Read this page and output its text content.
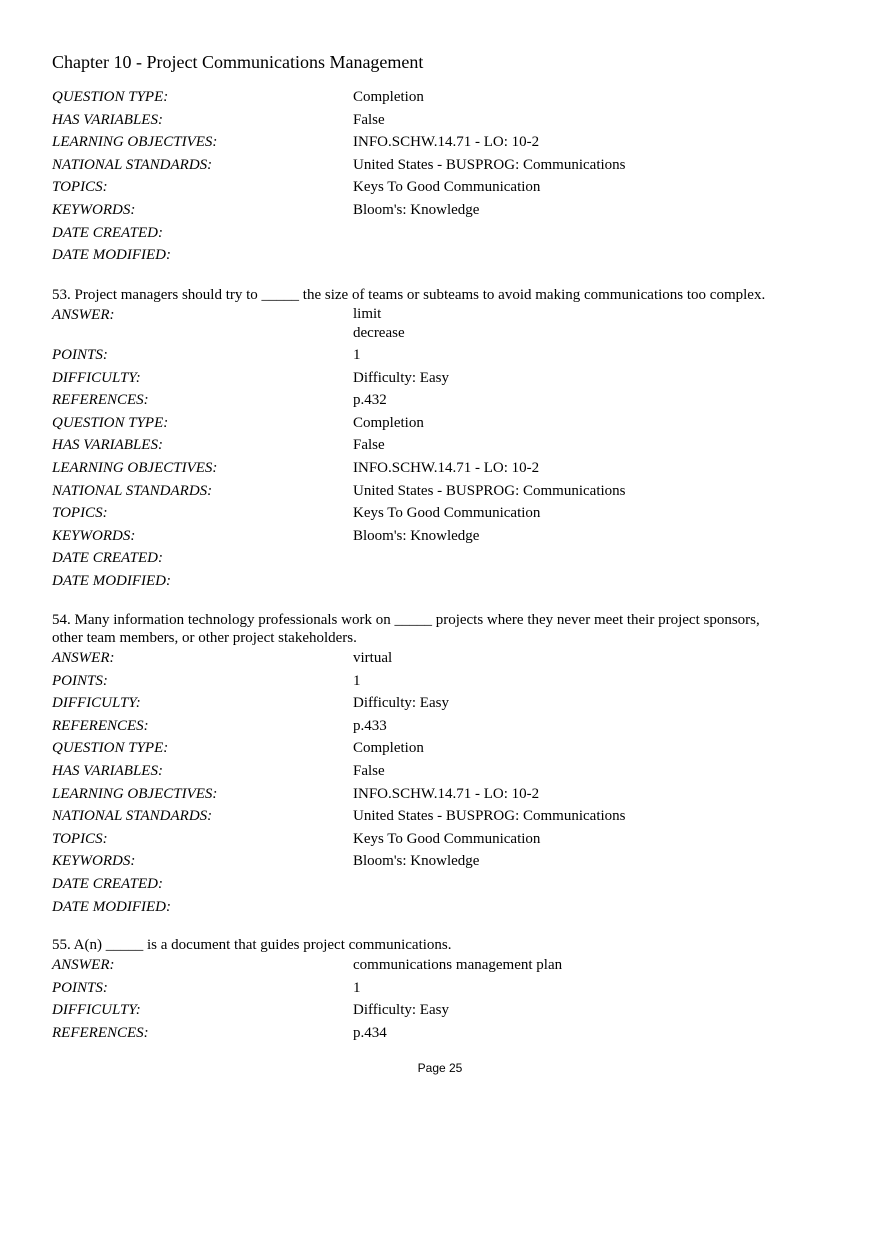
Chapter 10 - Project Communications Management
QUESTION TYPE:	Completion
HAS VARIABLES:	False
LEARNING OBJECTIVES:	INFO.SCHW.14.71 - LO: 10-2
NATIONAL STANDARDS:	United States - BUSPROG: Communications
TOPICS:	Keys To Good Communication
KEYWORDS:	Bloom's: Knowledge
DATE CREATED:
DATE MODIFIED:
53. Project managers should try to _____ the size of teams or subteams to avoid making communications too complex.
ANSWER:	limit
decrease
POINTS:	1
DIFFICULTY:	Difficulty: Easy
REFERENCES:	p.432
QUESTION TYPE:	Completion
HAS VARIABLES:	False
LEARNING OBJECTIVES:	INFO.SCHW.14.71 - LO: 10-2
NATIONAL STANDARDS:	United States - BUSPROG: Communications
TOPICS:	Keys To Good Communication
KEYWORDS:	Bloom's: Knowledge
DATE CREATED:
DATE MODIFIED:
54. Many information technology professionals work on _____ projects where they never meet their project sponsors,
other team members, or other project stakeholders.
ANSWER:	virtual
POINTS:	1
DIFFICULTY:	Difficulty: Easy
REFERENCES:	p.433
QUESTION TYPE:	Completion
HAS VARIABLES:	False
LEARNING OBJECTIVES:	INFO.SCHW.14.71 - LO: 10-2
NATIONAL STANDARDS:	United States - BUSPROG: Communications
TOPICS:	Keys To Good Communication
KEYWORDS:	Bloom's: Knowledge
DATE CREATED:
DATE MODIFIED:
55. A(n) _____ is a document that guides project communications.
ANSWER:	communications management plan
POINTS:	1
DIFFICULTY:	Difficulty: Easy
REFERENCES:	p.434
Page 25
